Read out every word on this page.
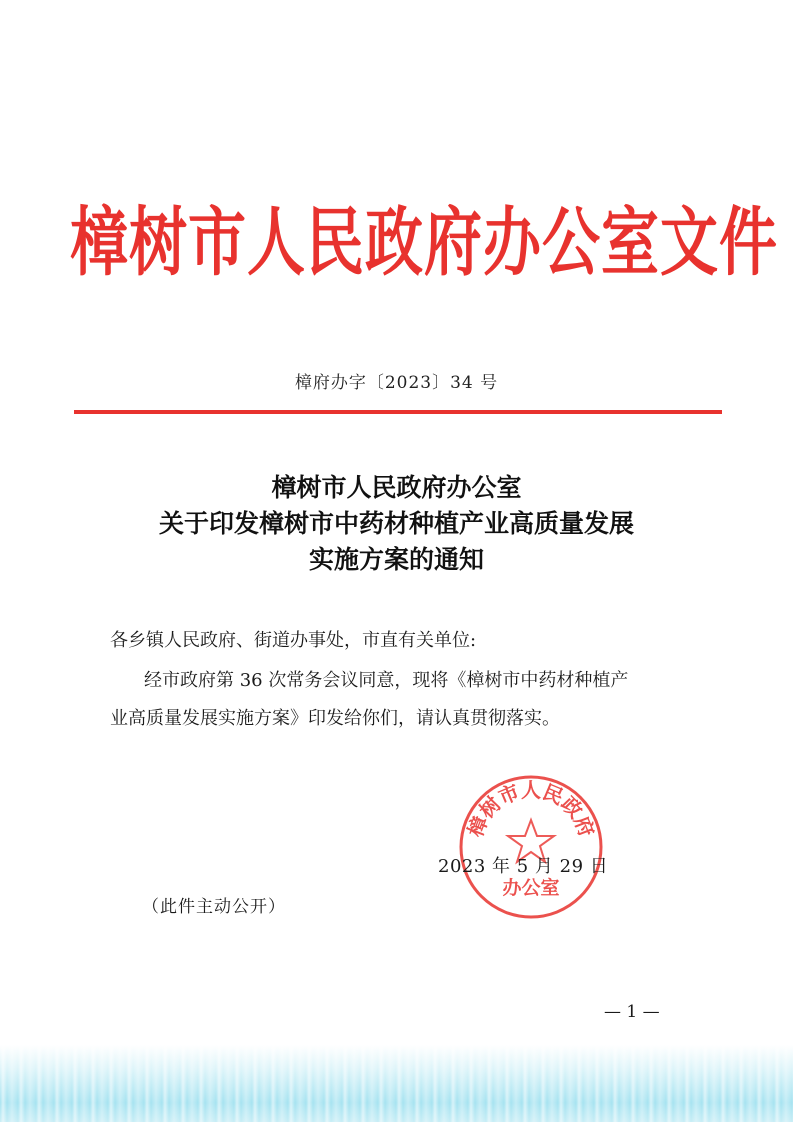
樟树市人民政府办公室文件
樟府办字〔2023〕34 号
樟树市人民政府办公室
关于印发樟树市中药材种植产业高质量发展
实施方案的通知
各乡镇人民政府、街道办事处，市直有关单位:
经市政府第 36 次常务会议同意，现将《樟树市中药材种植产
业高质量发展实施方案》印发给你们，请认真贯彻落实。
樟树市人民政府
办公室
2023 年 5 月 29 日
（此件主动公开）
— 1 —
